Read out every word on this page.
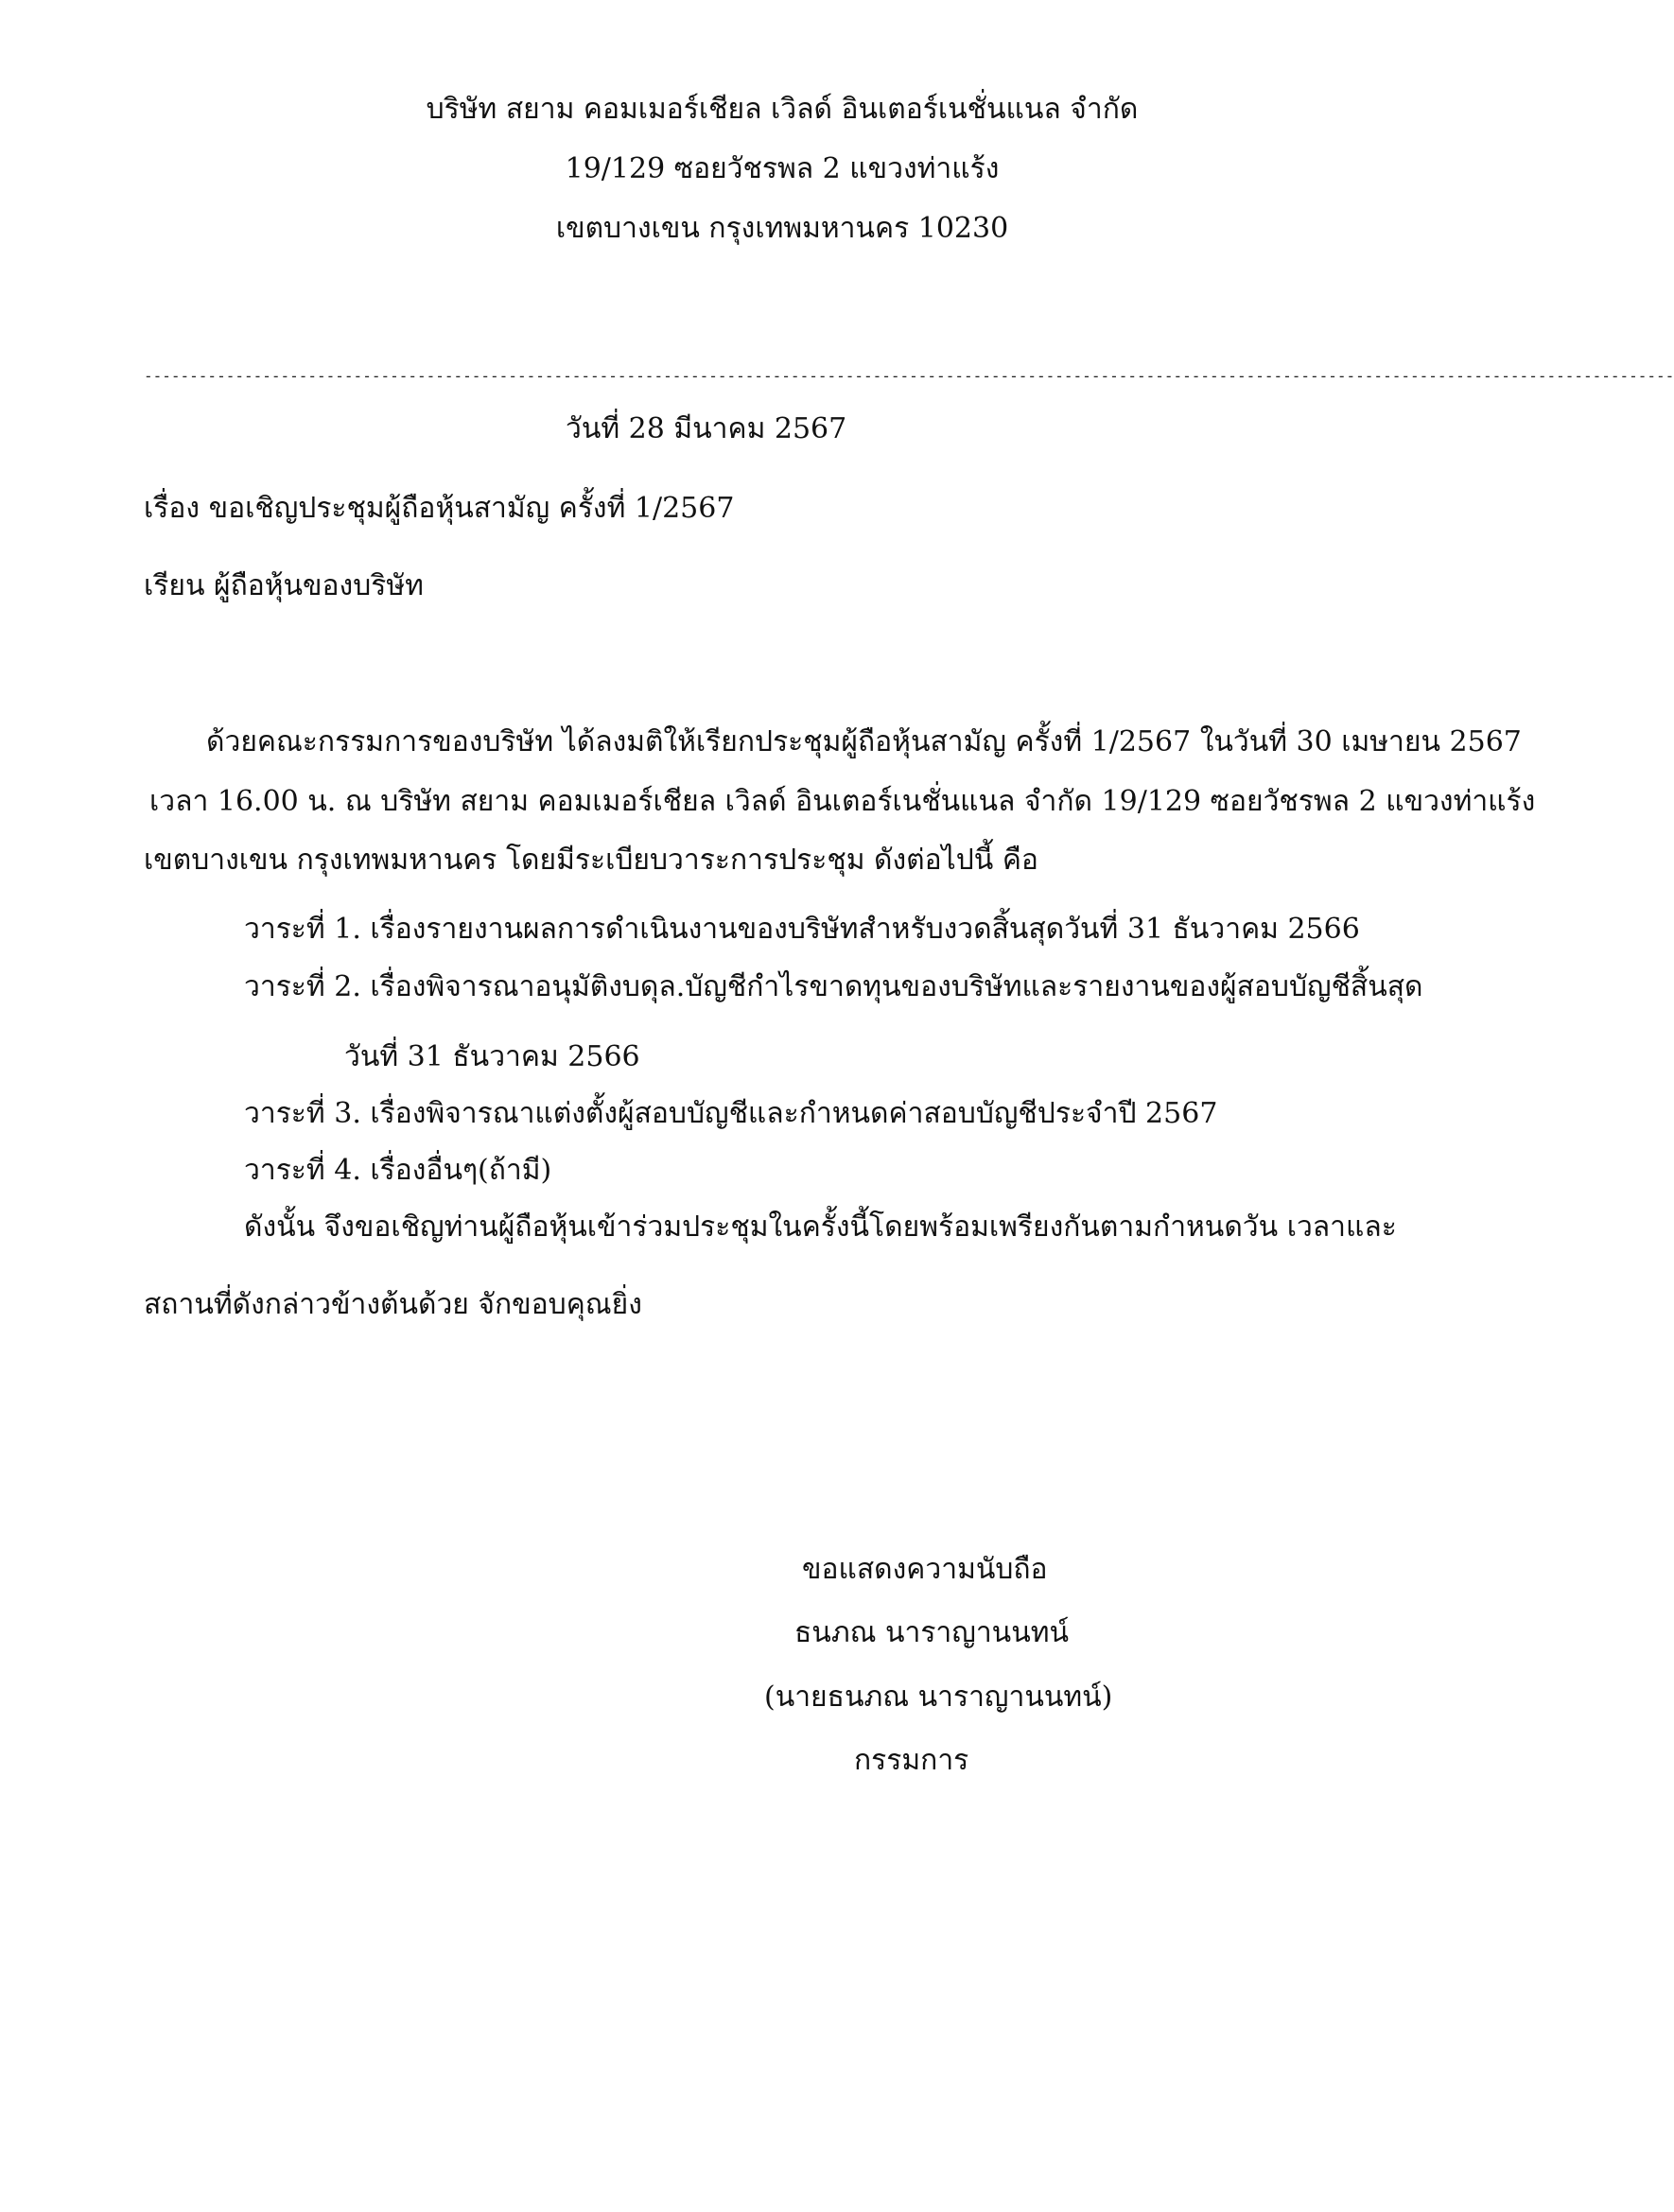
บริษัท สยาม คอมเมอร์เชียล เวิลด์ อินเตอร์เนชั่นแนล จำกัด
19/129 ซอยวัชรพล 2 แขวงท่าแร้ง
เขตบางเขน กรุงเทพมหานคร 10230
------------------------------------------------------------------------------------------------------------------------------------------------------------------------
วันที่ 28 มีนาคม 2567
เรื่อง ขอเชิญประชุมผู้ถือหุ้นสามัญ ครั้งที่ 1/2567
เรียน ผู้ถือหุ้นของบริษัท
ด้วยคณะกรรมการของบริษัท ได้ลงมติให้เรียกประชุมผู้ถือหุ้นสามัญ ครั้งที่ 1/2567 ในวันที่ 30 เมษายน 2567
เวลา 16.00 น. ณ บริษัท สยาม คอมเมอร์เชียล เวิลด์ อินเตอร์เนชั่นแนล จำกัด 19/129 ซอยวัชรพล 2 แขวงท่าแร้ง
เขตบางเขน กรุงเทพมหานคร โดยมีระเบียบวาระการประชุม ดังต่อไปนี้ คือ
วาระที่ 1. เรื่องรายงานผลการดำเนินงานของบริษัทสำหรับงวดสิ้นสุดวันที่ 31 ธันวาคม 2566
วาระที่ 2. เรื่องพิจารณาอนุมัติงบดุล.บัญชีกำไรขาดทุนของบริษัทและรายงานของผู้สอบบัญชีสิ้นสุด
วันที่ 31 ธันวาคม 2566
วาระที่ 3. เรื่องพิจารณาแต่งตั้งผู้สอบบัญชีและกำหนดค่าสอบบัญชีประจำปี 2567
วาระที่ 4. เรื่องอื่นๆ(ถ้ามี)
ดังนั้น จึงขอเชิญท่านผู้ถือหุ้นเข้าร่วมประชุมในครั้งนี้โดยพร้อมเพรียงกันตามกำหนดวัน เวลาและ
สถานที่ดังกล่าวข้างต้นด้วย จักขอบคุณยิ่ง
ขอแสดงความนับถือ
ธนภณ นาราญานนทน์
(นายธนภณ นาราญานนทน์)
กรรมการ
